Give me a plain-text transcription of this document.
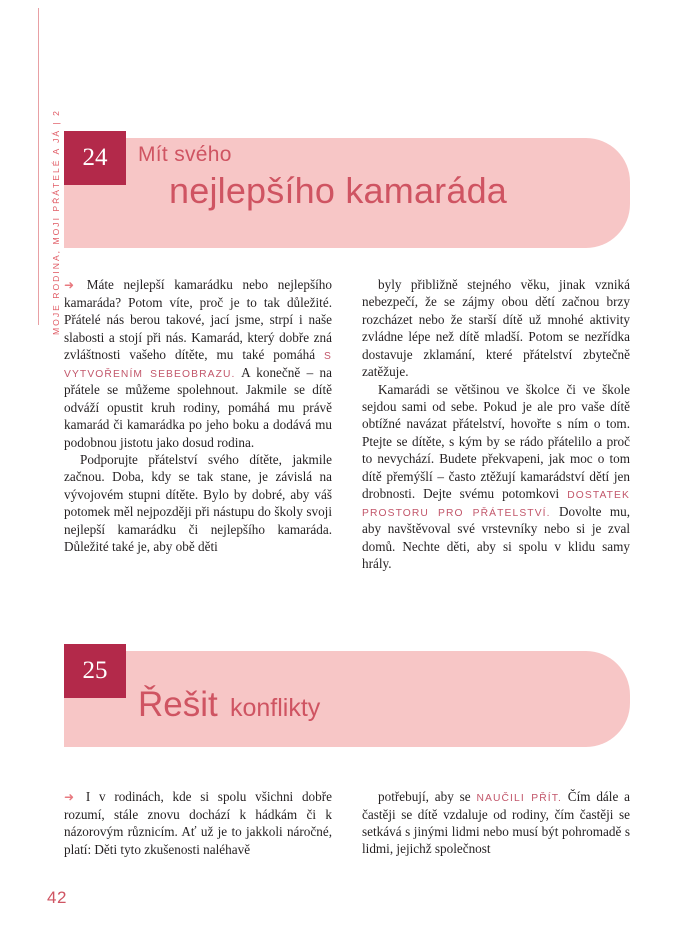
MOJE RODINA, MOJI PŘÁTELÉ A JÁ | 2 24	Mít svého
nejlepšího kamaráda

➜ Máte nejlepší kamarádku nebo nejlepšího kamaráda? Potom víte, proč je to tak důležité. Přátelé nás berou takové, jací jsme, strpí i naše slabosti a stojí při nás. Kamarád, který dobře zná zvláštnosti vašeho dítěte, mu také pomáhá S VYTVOŘENÍM SEBEOBRAZU. A konečně – na přátele se můžeme spolehnout. Jakmile se dítě odváží opustit kruh rodiny, pomáhá mu právě kamarád či kamarádka po jeho boku a dodává mu podobnou jistotu jako dosud rodina.

Podporujte přátelství svého dítěte, jakmile začnou. Doba, kdy se tak stane, je závislá na vývojovém stupni dítěte. Bylo by dobré, aby váš potomek měl nejpozději při nástupu do školy svoji nejlepší kamarádku či nejlepšího kamaráda. Důležité také je, aby obě děti

byly přibližně stejného věku, jinak vzniká nebezpečí, že se zájmy obou dětí začnou brzy rozcházet nebo že starší dítě už mnohé aktivity zvládne lépe než dítě mladší. Potom se nezřídka dostavuje zklamání, které přátelství zbytečně zatěžuje.

Kamarádi se většinou ve školce či ve škole sejdou sami od sebe. Pokud je ale pro vaše dítě obtížné navázat přátelství, hovořte s ním o tom. Ptejte se dítěte, s kým by se rádo přátelilo a proč to nevychází. Budete překvapeni, jak moc o tom dítě přemýšlí – často ztěžují kamarádství dětí jen drobnosti. Dejte svému potomkovi DOSTATEK PROSTORU PRO PŘÁTELSTVÍ. Dovolte mu, aby navštěvoval své vrstevníky nebo si je zval domů. Nechte děti, aby si spolu v klidu samy hrály.

25
Řešit konflikty

➜ I v rodinách, kde si spolu všichni dobře rozumí, stále znovu dochází k hádkám či k názorovým různicím. Ať už je to jakkoli náročné, platí: Děti tyto zkušenosti naléhavě

potřebují, aby se NAUČILI PŘÍT. Čím dále a častěji se dítě vzdaluje od rodiny, čím častěji se setkává s jinými lidmi nebo musí být pohromadě s lidmi, jejichž společnost

42
